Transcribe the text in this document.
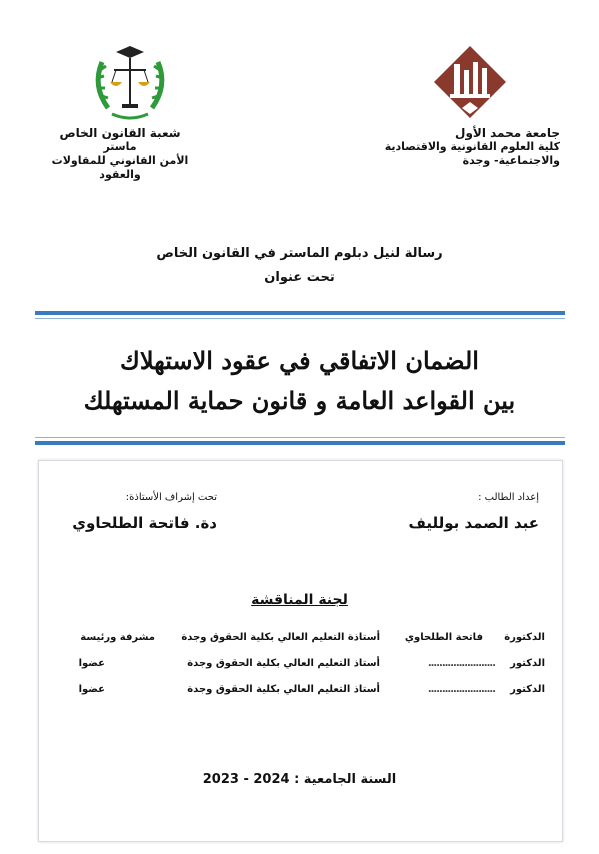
جامعة محمد الأول
كلية العلوم القانونية والاقتصادية
والاجتماعية- وجدة
شعبة القانون الخاص
ماستر
الأمن القانوني للمقاولات والعقود
رسالة لنيل دبلوم الماستر في القانون الخاص
تحت عنوان
الضمان الاتفاقي في عقود الاستهلاك
بين القواعد العامة و قانون حماية المستهلك
إعداد الطالب :
عبد الصمد بولليف
تحت إشراف الأستاذة:
دة. فاتحة الطلحاوي
لجنة المناقشة
الدكتورة
فاتحة الطلحاوي
أستاذة التعليم العالي بكلية الحقوق وجدة
مشرفة ورئيسة
الدكتور
........................
أستاذ التعليم العالي بكلية الحقوق وجدة
عضوا
الدكتور
........................
أستاذ التعليم العالي بكلية الحقوق وجدة
عضوا
السنة الجامعية : 2023 - 2024
